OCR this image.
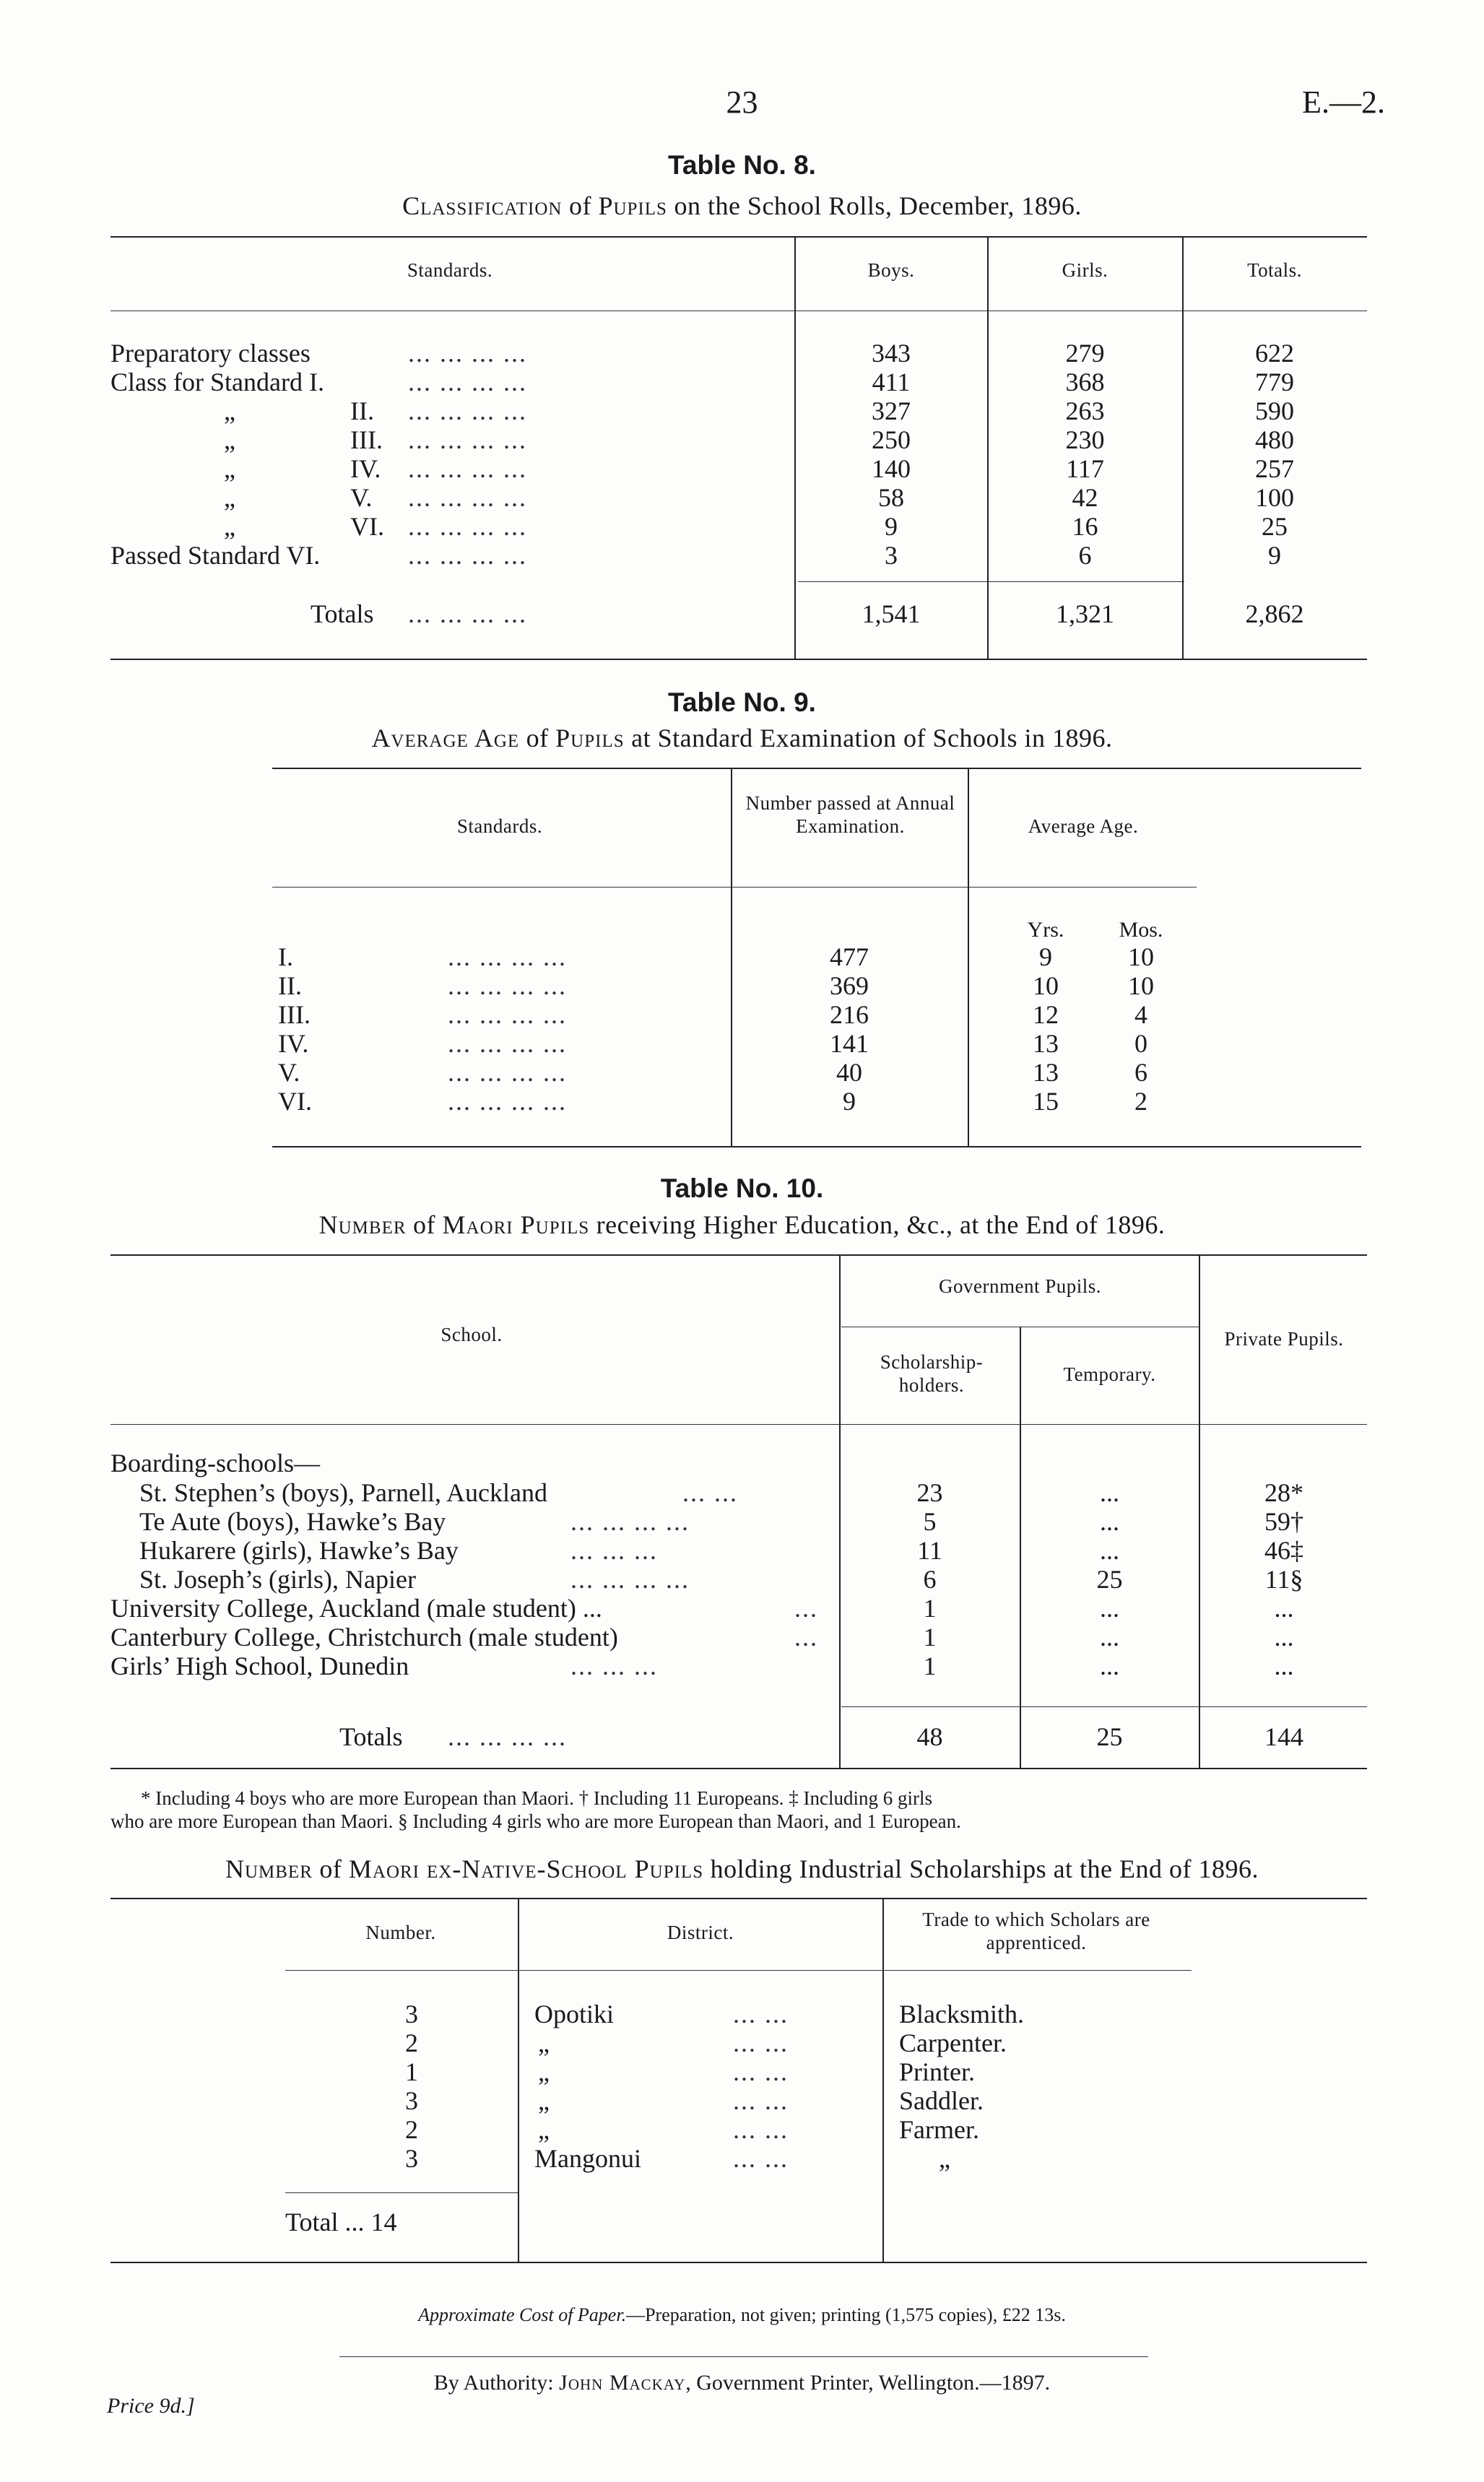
23	E.—2.
Table No. 8.
Classification of Pupils on the School Rolls, December, 1896.
Standards.	Boys.	Girls.	Totals.
Preparatory classes	... ... ... ...	343	279	622
Class for Standard I.	... ... ... ...	411	368	779
„	II. ... ... ... ...	327	263	590
„	III. ... ... ... ...	250	230	480
„	IV. ... ... ... ...	140	117	257
„	V. ... ... ... ...	58	42	100
„	VI. ... ... ... ...	9	16	25
Passed Standard VI.	... ... ... ...	3	6	9
Totals ... ... ... ...	1,541	1,321	2,862
Table No. 9.
Average Age of Pupils at Standard Examination of Schools in 1896.
Standards.
Number passed at Annual Examination.	Average Age.
Yrs.	Mos.
I.	... ... ... ...	477	9	10
II.	... ... ... ...	369	10	10
III.	... ... ... ...	216	12	4
IV.	... ... ... ...	141	13	0
V.	... ... ... ...	40	13	6
VI.	... ... ... ...	9	15	2
Table No. 10.
Number of Maori Pupils receiving Higher Education, &c., at the End of 1896.
School.
Government Pupils.
Scholarship-holders.	Temporary.
Private Pupils.
Boarding-schools—
St. Stephen’s (boys), Parnell, Auckland	... ...	23	...	28*
Te Aute (boys), Hawke’s Bay	... ... ... ...	5	...	59†
Hukarere (girls), Hawke’s Bay	... ... ...	11	...	46‡
St. Joseph’s (girls), Napier	... ... ... ...	6	25	11§
University College, Auckland (male student) ...	...	1	...	...
Canterbury College, Christchurch (male student)	...	1	...	...
Girls’ High School, Dunedin	... ... ...	1	...	...
Totals ... ... ... ...	48	25	144
* Including 4 boys who are more European than Maori. † Including 11 Europeans. ‡ Including 6 girls
who are more European than Maori. § Including 4 girls who are more European than Maori, and 1 European.
Number of Maori ex-Native-School Pupils holding Industrial Scholarships at the End of 1896.
Number.	District.
Trade to which Scholars are apprenticed.
3	Opotiki	... ...	Blacksmith.
2	„	... ...	Carpenter.
1	„	... ...	Printer.
3	„	... ...	Saddler.
2	„	... ...	Farmer.
3	Mangonui	... ...	„
Total ... 14
Approximate Cost of Paper.—Preparation, not given; printing (1,575 copies), £22 13s.
By Authority: John Mackay, Government Printer, Wellington.—1897.
Price 9d.]
